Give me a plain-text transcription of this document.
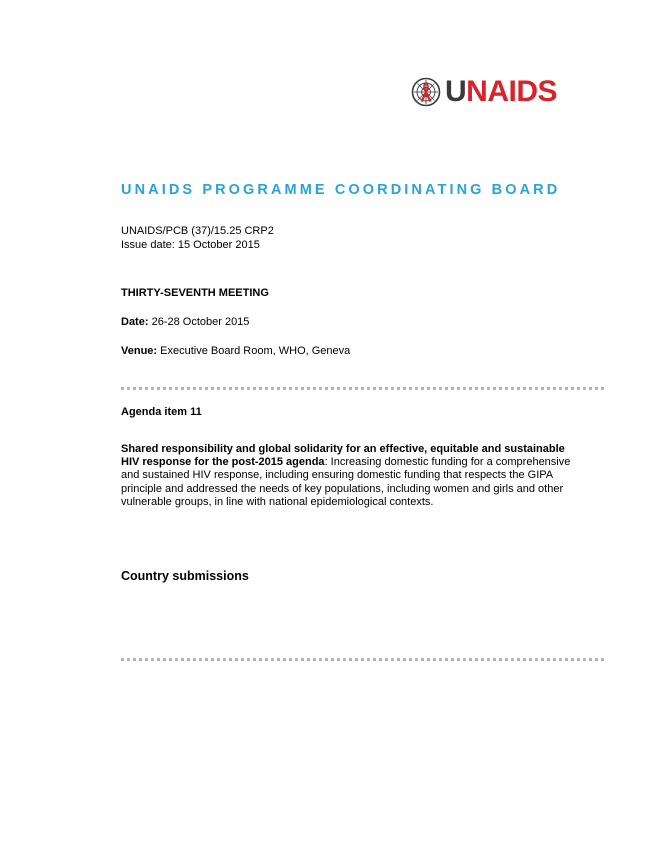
UNAIDS
UNAIDS PROGRAMME COORDINATING BOARD
UNAIDS/PCB (37)/15.25 CRP2
Issue date: 15 October 2015
THIRTY-SEVENTH MEETING
Date: 26-28 October 2015
Venue: Executive Board Room, WHO, Geneva
Agenda item 11
Shared responsibility and global solidarity for an effective, equitable and sustainable HIV response for the post-2015 agenda: Increasing domestic funding for a comprehensive and sustained HIV response, including ensuring domestic funding that respects the GIPA principle and addressed the needs of key populations, including women and girls and other vulnerable groups, in line with national epidemiological contexts.
Country submissions
